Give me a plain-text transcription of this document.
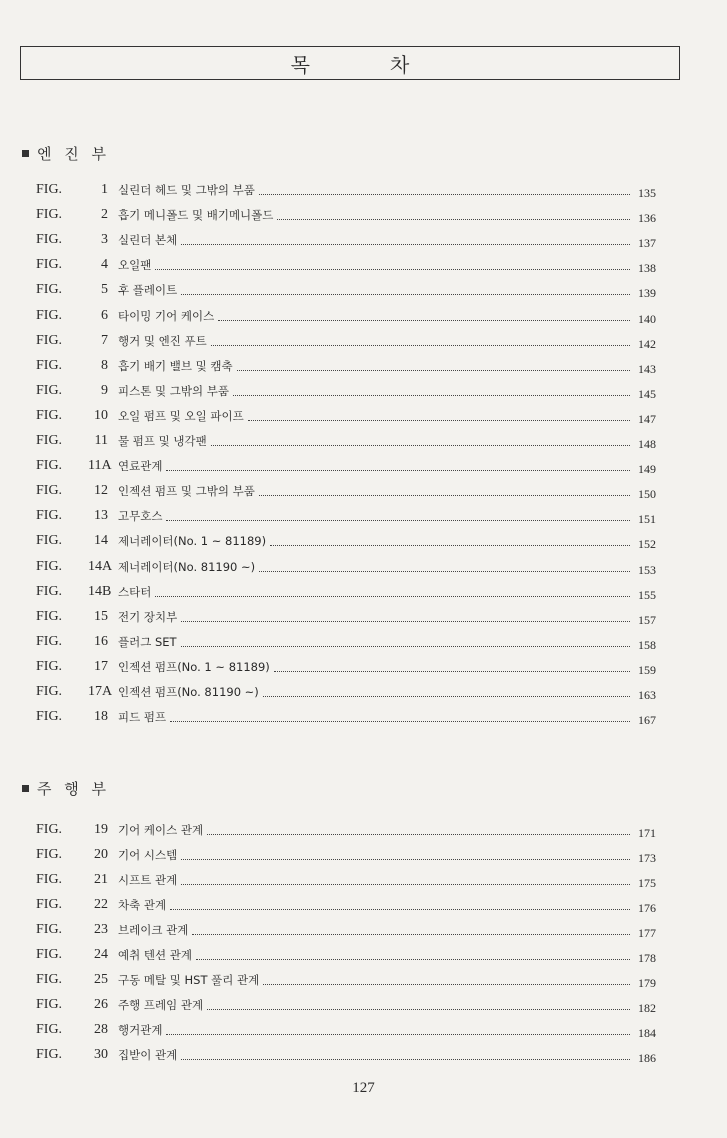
목	차
엔 진 부
FIG.	1 실린더 헤드 및 그밖의 부품	135
FIG.	2 흡기 메니폴드 및 배기메니폴드	136
FIG.	3 실린더 본체	137
FIG.	4 오일팬	138
FIG.	5 후 플레이트	139
FIG.	6 타이밍 기어 케이스	140
FIG.	7 행거 및 엔진 푸트	142
FIG.	8 흡기 배기 밸브 및 캠축	143
FIG.	9 피스톤 및 그밖의 부품	145
FIG.	10 오일 펌프 및 오일 파이프	147
FIG.	11 물 펌프 및 냉각팬	148
FIG.	11A 연료관계	149
FIG.	12 인젝션 펌프 및 그밖의 부품	150
FIG.	13 고무호스	151
FIG.	14 제너레이터(No. 1 ~ 81189)	152
FIG.	14A 제너레이터(No. 81190 ~)	153
FIG.	14B 스타터	155
FIG.	15 전기 장치부	157
FIG.	16 플러그 SET	158
FIG.	17 인젝션 펌프(No. 1 ~ 81189)	159
FIG.	17A 인젝션 펌프(No. 81190 ~)	163
FIG.	18 피드 펌프	167
주 행 부
FIG.	19 기어 케이스 관계	171
FIG.	20 기어 시스템	173
FIG.	21 시프트 관계	175
FIG.	22 차축 관계	176
FIG.	23 브레이크 관계	177
FIG.	24 예취 텐션 관계	178
FIG.	25 구동 메탈 및 HST 풀리 관계	179
FIG.	26 주행 프레임 관계	182
FIG.	28 행거관계	184
FIG.	30 집받이 관계	186
127
